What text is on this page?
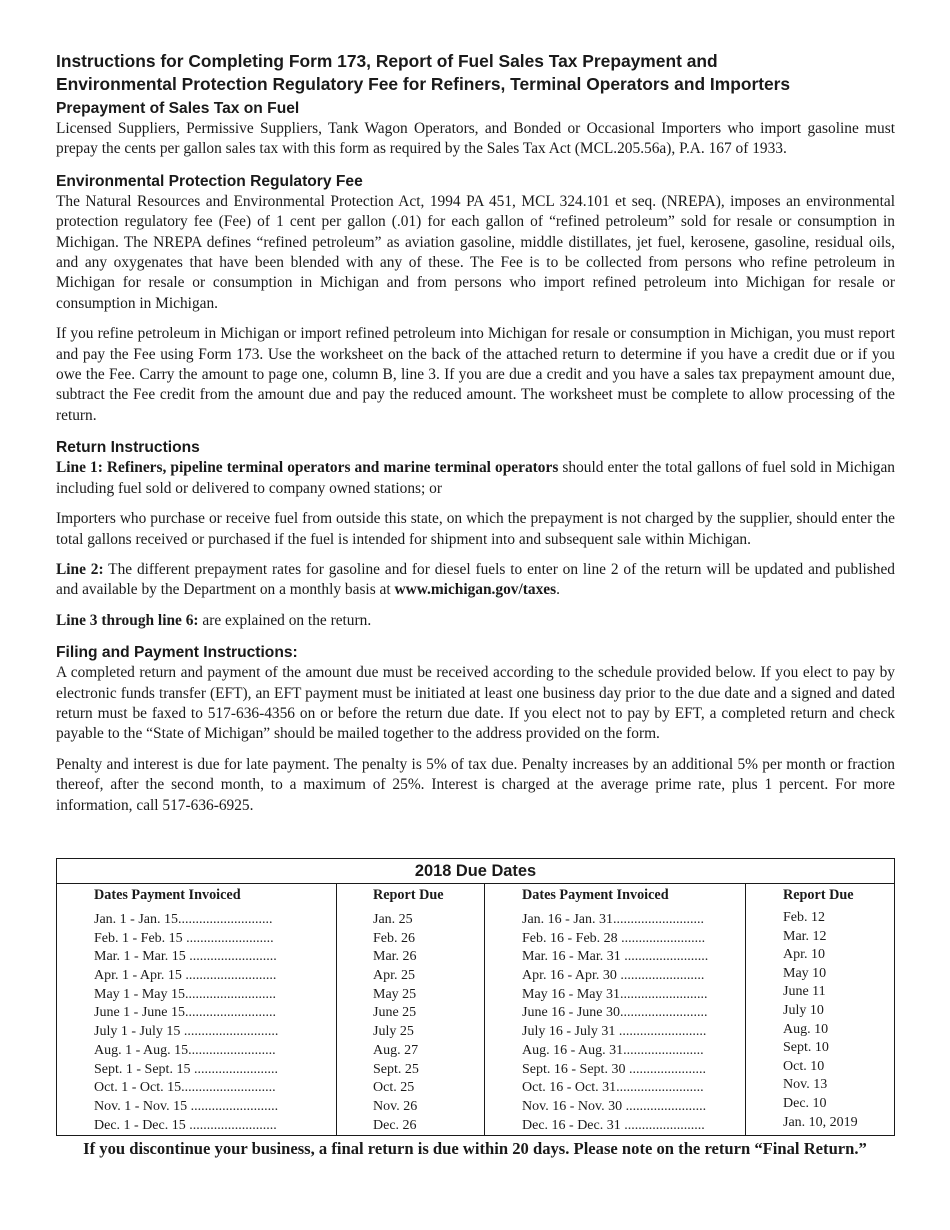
Instructions for Completing Form 173, Report of Fuel Sales Tax Prepayment and
Environmental Protection Regulatory Fee for Refiners, Terminal Operators and Importers

Prepayment of Sales Tax on Fuel

Licensed Suppliers, Permissive Suppliers, Tank Wagon Operators, and Bonded or Occasional Importers who import gasoline must prepay the cents per gallon sales tax with this form as required by the Sales Tax Act (MCL.205.56a), P.A. 167 of 1933.

Environmental Protection Regulatory Fee

The Natural Resources and Environmental Protection Act, 1994 PA 451, MCL 324.101 et seq. (NREPA), imposes an environmental protection regulatory fee (Fee) of 1 cent per gallon (.01) for each gallon of “refined petroleum” sold for resale or consumption in Michigan. The NREPA defines “refined petroleum” as aviation gasoline, middle distillates, jet fuel, kerosene, gasoline, residual oils, and any oxygenates that have been blended with any of these. The Fee is to be collected from persons who refine petroleum in Michigan for resale or consumption in Michigan and from persons who import refined petroleum into Michigan for resale or consumption in Michigan.

If you refine petroleum in Michigan or import refined petroleum into Michigan for resale or consumption in Michigan, you must report and pay the Fee using Form 173. Use the worksheet on the back of the attached return to determine if you have a credit due or if you owe the Fee. Carry the amount to page one, column B, line 3. If you are due a credit and you have a sales tax prepayment amount due, subtract the Fee credit from the amount due and pay the reduced amount. The worksheet must be complete to allow processing of the return.

Return Instructions

Line 1: Refiners, pipeline terminal operators and marine terminal operators should enter the total gallons of fuel sold in Michigan including fuel sold or delivered to company owned stations; or

Importers who purchase or receive fuel from outside this state, on which the prepayment is not charged by the supplier, should enter the total gallons received or purchased if the fuel is intended for shipment into and subsequent sale within Michigan.

Line 2: The different prepayment rates for gasoline and for diesel fuels to enter on line 2 of the return will be updated and published and available by the Department on a monthly basis at www.michigan.gov/taxes.

Line 3 through line 6: are explained on the return.

Filing and Payment Instructions:

A completed return and payment of the amount due must be received according to the schedule provided below. If you elect to pay by electronic funds transfer (EFT), an EFT payment must be initiated at least one business day prior to the due date and a signed and dated return must be faxed to 517-636-4356 on or before the return due date. If you elect not to pay by EFT, a completed return and check payable to the “State of Michigan” should be mailed together to the address provided on the form.

Penalty and interest is due for late payment. The penalty is 5% of tax due. Penalty increases by an additional 5% per month or fraction thereof, after the second month, to a maximum of 25%. Interest is charged at the average prime rate, plus 1 percent. For more information, call 517-636-6925.

2018 Due Dates
Dates Payment Invoiced
Jan. 1 - Jan. 15...........................
Feb. 1 - Feb. 15 .........................
Mar. 1 - Mar. 15 .........................
Apr. 1 - Apr. 15 ..........................
May 1 - May 15..........................
June 1 - June 15..........................
July 1 - July 15 ...........................
Aug. 1 - Aug. 15.........................
Sept. 1 - Sept. 15 ........................
Oct. 1 - Oct. 15...........................
Nov. 1 - Nov. 15 .........................
Dec. 1 - Dec. 15 .........................
Report Due
Jan. 25
Feb. 26
Mar. 26
Apr. 25
May 25
June 25
July 25
Aug. 27
Sept. 25
Oct. 25
Nov. 26
Dec. 26
Dates Payment Invoiced
Jan. 16 - Jan. 31..........................
Feb. 16 - Feb. 28 ........................
Mar. 16 - Mar. 31 ........................
Apr. 16 - Apr. 30 ........................
May 16 - May 31.........................
June 16 - June 30.........................
July 16 - July 31 .........................
Aug. 16 - Aug. 31.......................
Sept. 16 - Sept. 30 ......................
Oct. 16 - Oct. 31.........................
Nov. 16 - Nov. 30 .......................
Dec. 16 - Dec. 31 .......................
Report Due
Feb. 12
Mar. 12
Apr. 10
May 10
June 11
July 10
Aug. 10
Sept. 10
Oct. 10
Nov. 13
Dec. 10
Jan. 10, 2019
If you discontinue your business, a final return is due within 20 days. Please note on the return “Final Return.”
